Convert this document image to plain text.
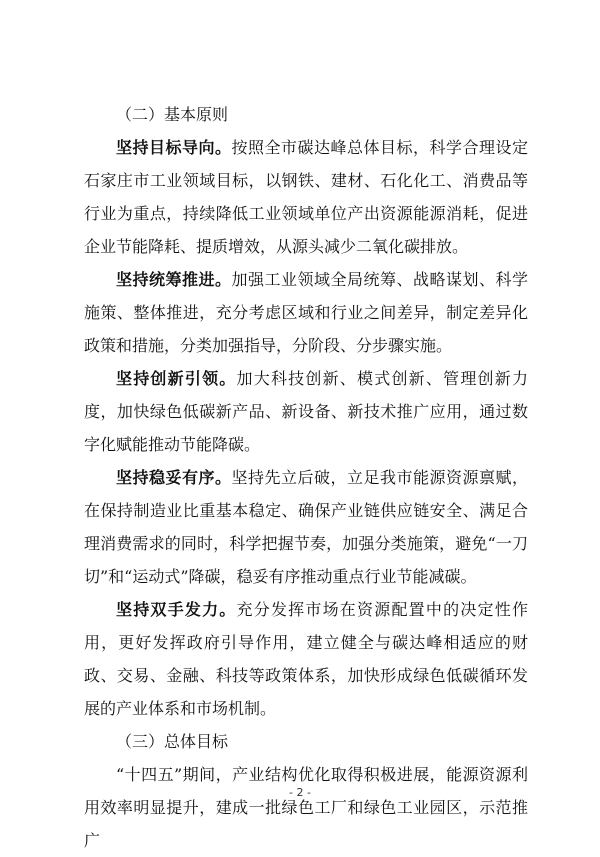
（二）基本原则

坚持目标导向。按照全市碳达峰总体目标，科学合理设定石家庄市工业领域目标，以钢铁、建材、石化化工、消费品等行业为重点，持续降低工业领域单位产出资源能源消耗，促进企业节能降耗、提质增效，从源头减少二氧化碳排放。

坚持统筹推进。加强工业领域全局统筹、战略谋划、科学施策、整体推进，充分考虑区域和行业之间差异，制定差异化政策和措施，分类加强指导，分阶段、分步骤实施。

坚持创新引领。加大科技创新、模式创新、管理创新力度，加快绿色低碳新产品、新设备、新技术推广应用，通过数字化赋能推动节能降碳。

坚持稳妥有序。坚持先立后破，立足我市能源资源禀赋，在保持制造业比重基本稳定、确保产业链供应链安全、满足合理消费需求的同时，科学把握节奏，加强分类施策，避免“一刀切”和“运动式”降碳，稳妥有序推动重点行业节能减碳。

坚持双手发力。充分发挥市场在资源配置中的决定性作用，更好发挥政府引导作用，建立健全与碳达峰相适应的财政、交易、金融、科技等政策体系，加快形成绿色低碳循环发展的产业体系和市场机制。

（三）总体目标

“十四五”期间，产业结构优化取得积极进展，能源资源利用效率明显提升，建成一批绿色工厂和绿色工业园区，示范推广

- 2 -
